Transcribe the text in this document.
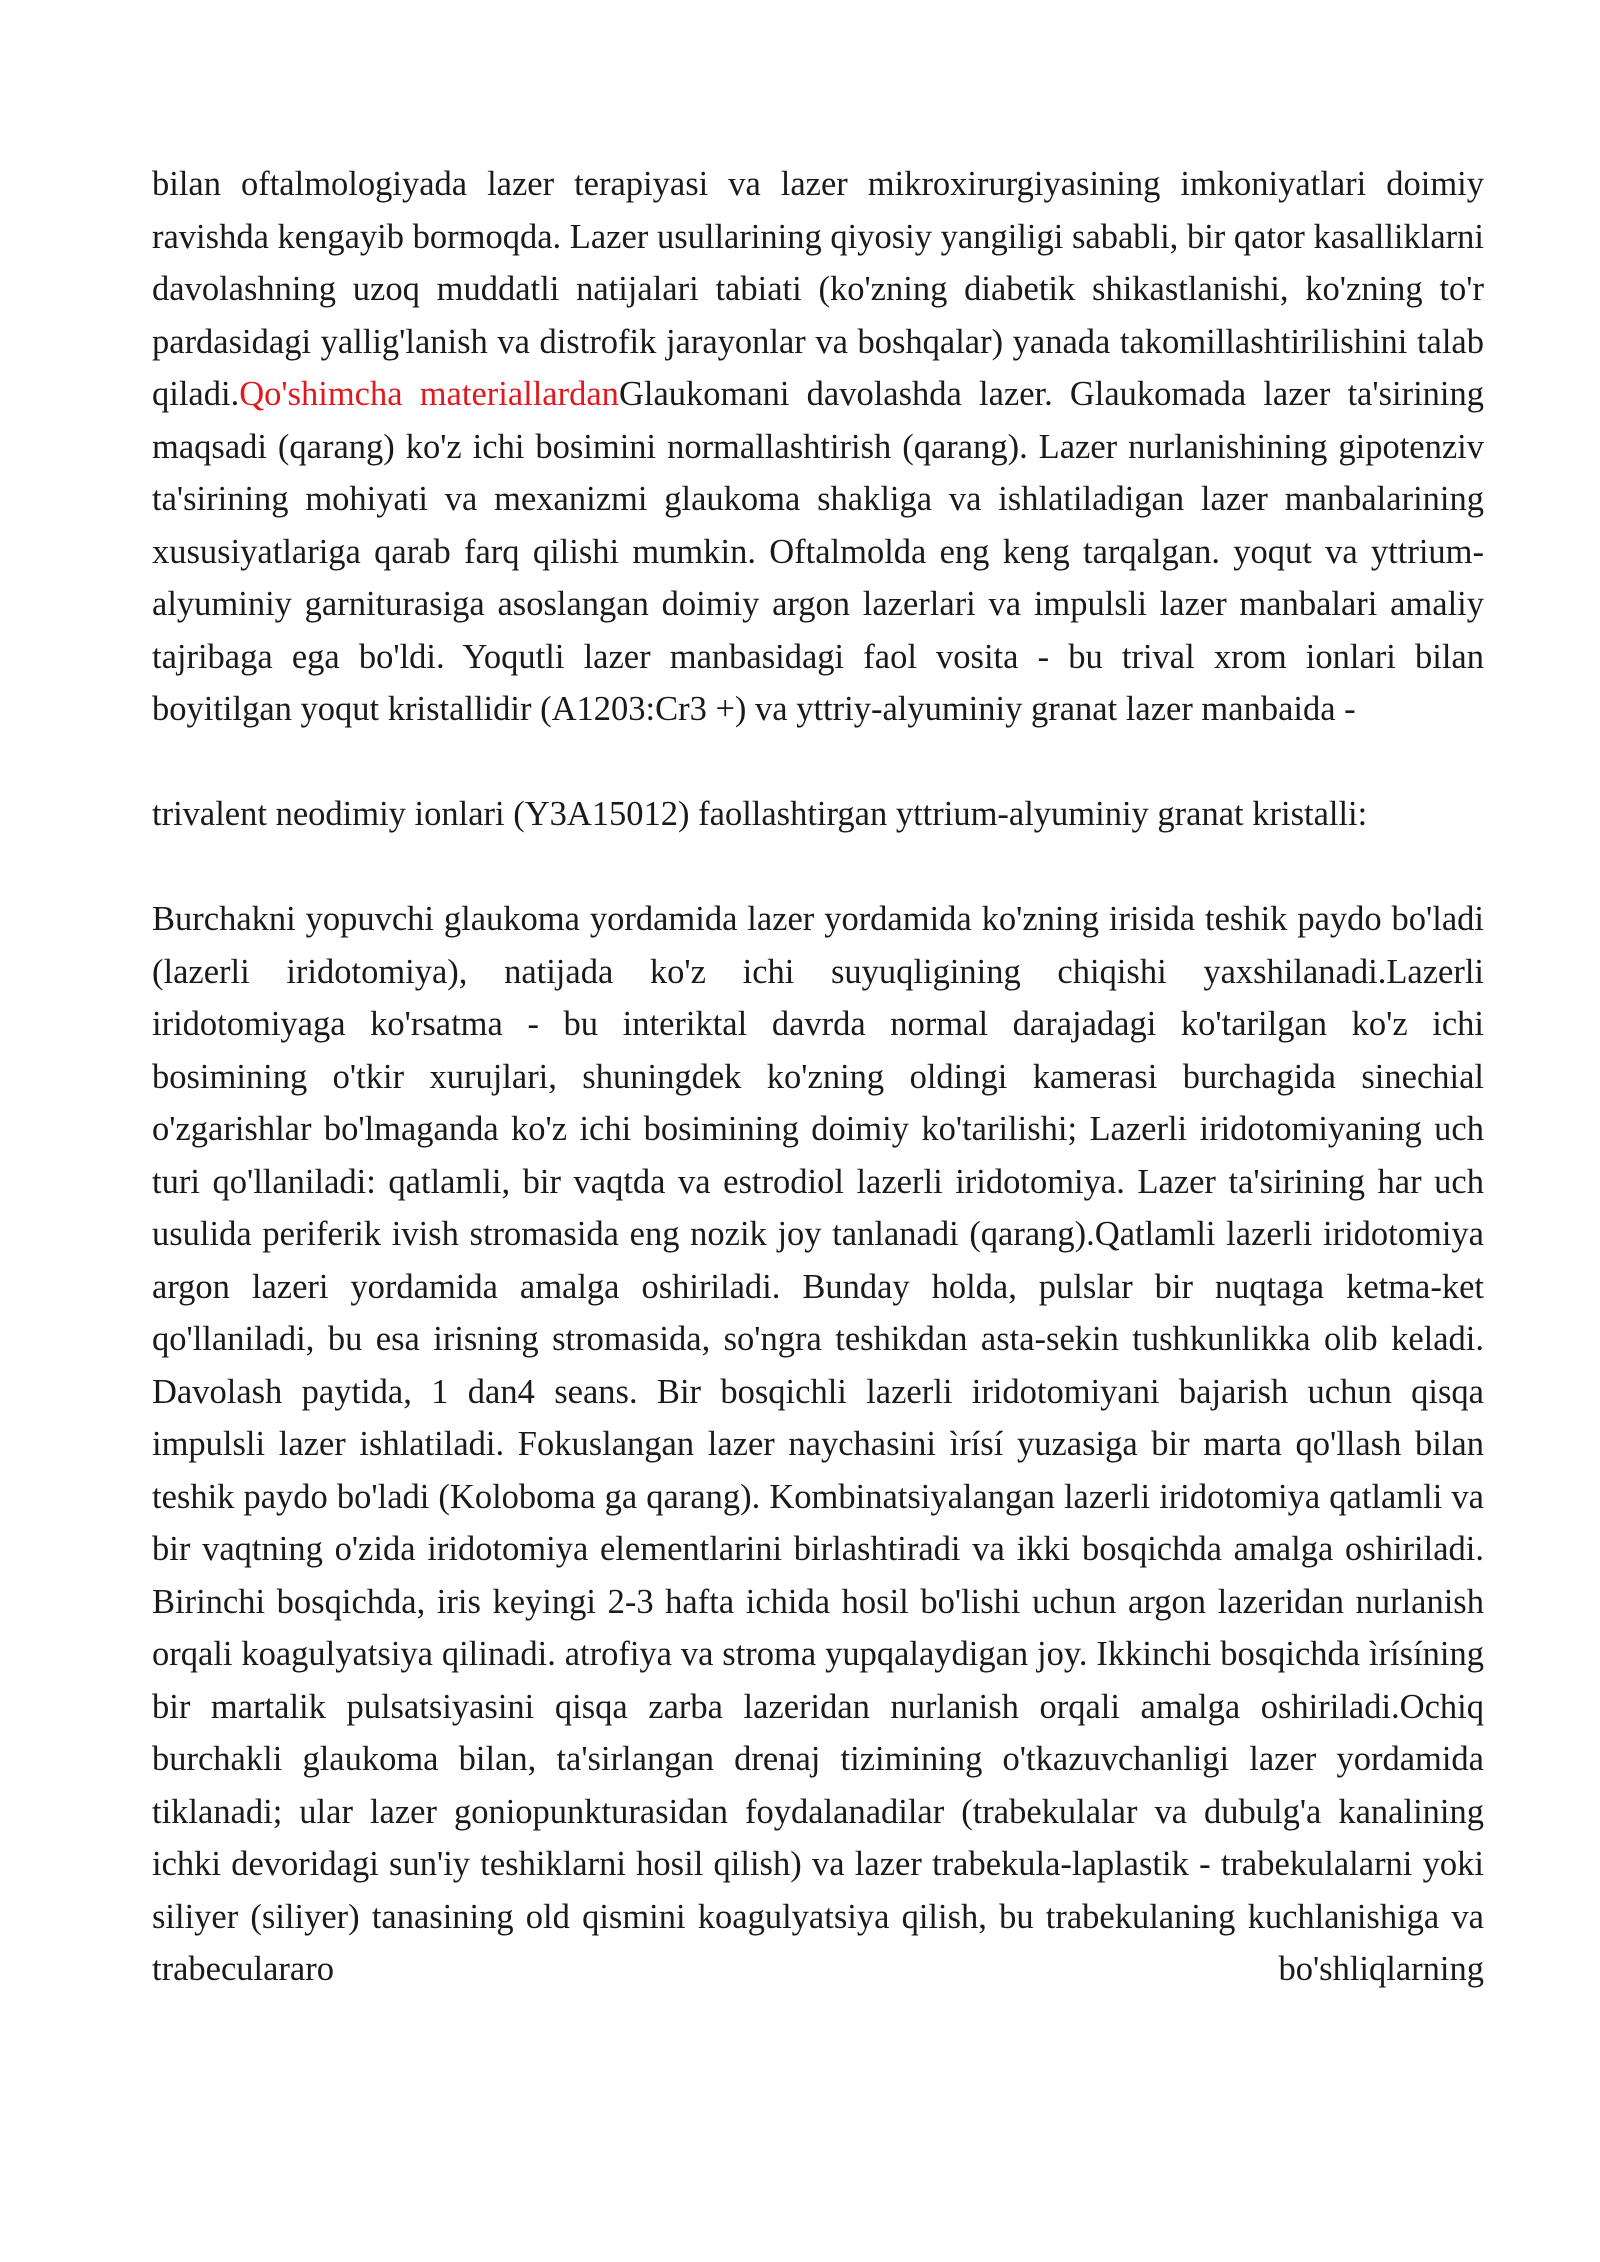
bilan oftalmologiyada lazer terapiyasi va lazer mikroxirurgiyasining imkoniyatlari doimiy ravishda kengayib bormoqda. Lazer usullarining qiyosiy yangiligi sababli, bir qator kasalliklarni davolashning uzoq muddatli natijalari tabiati (ko'zning diabetik shikastlanishi, ko'zning to'r pardasidagi yallig'lanish va distrofik jarayonlar va boshqalar) yanada takomillashtirilishini talab qiladi.Qo'shimcha materiallardanGlaukomani davolashda lazer. Glaukomada lazer ta'sirining maqsadi (qarang) ko'z ichi bosimini normallashtirish (qarang). Lazer nurlanishining gipotenziv ta'sirining mohiyati va mexanizmi glaukoma shakliga va ishlatiladigan lazer manbalarining xususiyatlariga qarab farq qilishi mumkin. Oftalmolda eng keng tarqalgan. yoqut va yttrium-alyuminiy garniturasiga asoslangan doimiy argon lazerlari va impulsli lazer manbalari amaliy tajribaga ega bo'ldi. Yoqutli lazer manbasidagi faol vosita - bu trival xrom ionlari bilan boyitilgan yoqut kristallidir (A1203:Cr3 +) va yttriy-alyuminiy granat lazer manbaida -

trivalent neodimiy ionlari (Y3A15012) faollashtirgan yttrium-alyuminiy granat kristalli:

Burchakni yopuvchi glaukoma yordamida lazer yordamida ko'zning irisida teshik paydo bo'ladi (lazerli iridotomiya), natijada ko'z ichi suyuqligining chiqishi yaxshilanadi.Lazerli iridotomiyaga ko'rsatma - bu interiktal davrda normal darajadagi ko'tarilgan ko'z ichi bosimining o'tkir xurujlari, shuningdek ko'zning oldingi kamerasi burchagida sinechial o'zgarishlar bo'lmaganda ko'z ichi bosimining doimiy ko'tarilishi; Lazerli iridotomiyaning uch turi qo'llaniladi: qatlamli, bir vaqtda va estrodiol lazerli iridotomiya. Lazer ta'sirining har uch usulida periferik ivish stromasida eng nozik joy tanlanadi (qarang).Qatlamli lazerli iridotomiya argon lazeri yordamida amalga oshiriladi. Bunday holda, pulslar bir nuqtaga ketma-ket qo'llaniladi, bu esa irisning stromasida, so'ngra teshikdan asta-sekin tushkunlikka olib keladi. Davolash paytida, 1 dan4 seans. Bir bosqichli lazerli iridotomiyani bajarish uchun qisqa impulsli lazer ishlatiladi. Fokuslangan lazer naychasini ìrísí yuzasiga bir marta qo'llash bilan teshik paydo bo'ladi (Koloboma ga qarang). Kombinatsiyalangan lazerli iridotomiya qatlamli va bir vaqtning o'zida iridotomiya elementlarini birlashtiradi va ikki bosqichda amalga oshiriladi. Birinchi bosqichda, iris keyingi 2-3 hafta ichida hosil bo'lishi uchun argon lazeridan nurlanish orqali koagulyatsiya qilinadi. atrofiya va stroma yupqalaydigan joy. Ikkinchi bosqichda ìrísíning bir martalik pulsatsiyasini qisqa zarba lazeridan nurlanish orqali amalga oshiriladi.Ochiq burchakli glaukoma bilan, ta'sirlangan drenaj tizimining o'tkazuvchanligi lazer yordamida tiklanadi; ular lazer goniopunkturasidan foydalanadilar (trabekulalar va dubulg'a kanalining ichki devoridagi sun'iy teshiklarni hosil qilish) va lazer trabekula-laplastik - trabekulalarni yoki siliyer (siliyer) tanasining old qismini koagulyatsiya qilish, bu trabekulaning kuchlanishiga va trabeculararo bo'shliqlarning
